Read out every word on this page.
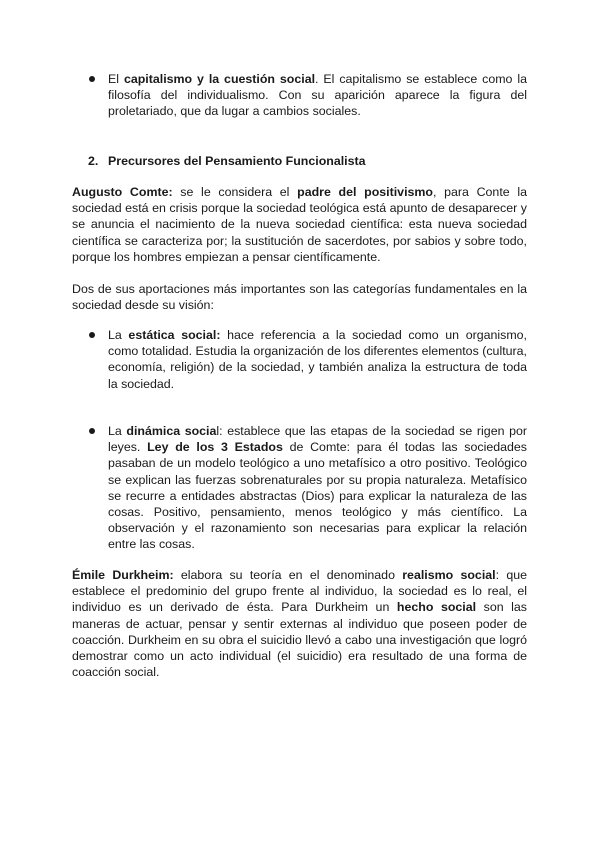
El capitalismo y la cuestión social. El capitalismo se establece como la filosofía del individualismo. Con su aparición aparece la figura del proletariado, que da lugar a cambios sociales.
2. Precursores del Pensamiento Funcionalista
Augusto Comte: se le considera el padre del positivismo, para Conte la sociedad está en crisis porque la sociedad teológica está apunto de desaparecer y se anuncia el nacimiento de la nueva sociedad científica: esta nueva sociedad científica se caracteriza por; la sustitución de sacerdotes, por sabios y sobre todo, porque los hombres empiezan a pensar científicamente.
Dos de sus aportaciones más importantes son las categorías fundamentales en la sociedad desde su visión:
La estática social: hace referencia a la sociedad como un organismo, como totalidad. Estudia la organización de los diferentes elementos (cultura, economía, religión) de la sociedad, y también analiza la estructura de toda la sociedad.
La dinámica social: establece que las etapas de la sociedad se rigen por leyes. Ley de los 3 Estados de Comte: para él todas las sociedades pasaban de un modelo teológico a uno metafísico a otro positivo. Teológico se explican las fuerzas sobrenaturales por su propia naturaleza. Metafísico se recurre a entidades abstractas (Dios) para explicar la naturaleza de las cosas. Positivo, pensamiento, menos teológico y más científico. La observación y el razonamiento son necesarias para explicar la relación entre las cosas.
Émile Durkheim: elabora su teoría en el denominado realismo social: que establece el predominio del grupo frente al individuo, la sociedad es lo real, el individuo es un derivado de ésta. Para Durkheim un hecho social son las maneras de actuar, pensar y sentir externas al individuo que poseen poder de coacción. Durkheim en su obra el suicidio llevó a cabo una investigación que logró demostrar como un acto individual (el suicidio) era resultado de una forma de coacción social.
